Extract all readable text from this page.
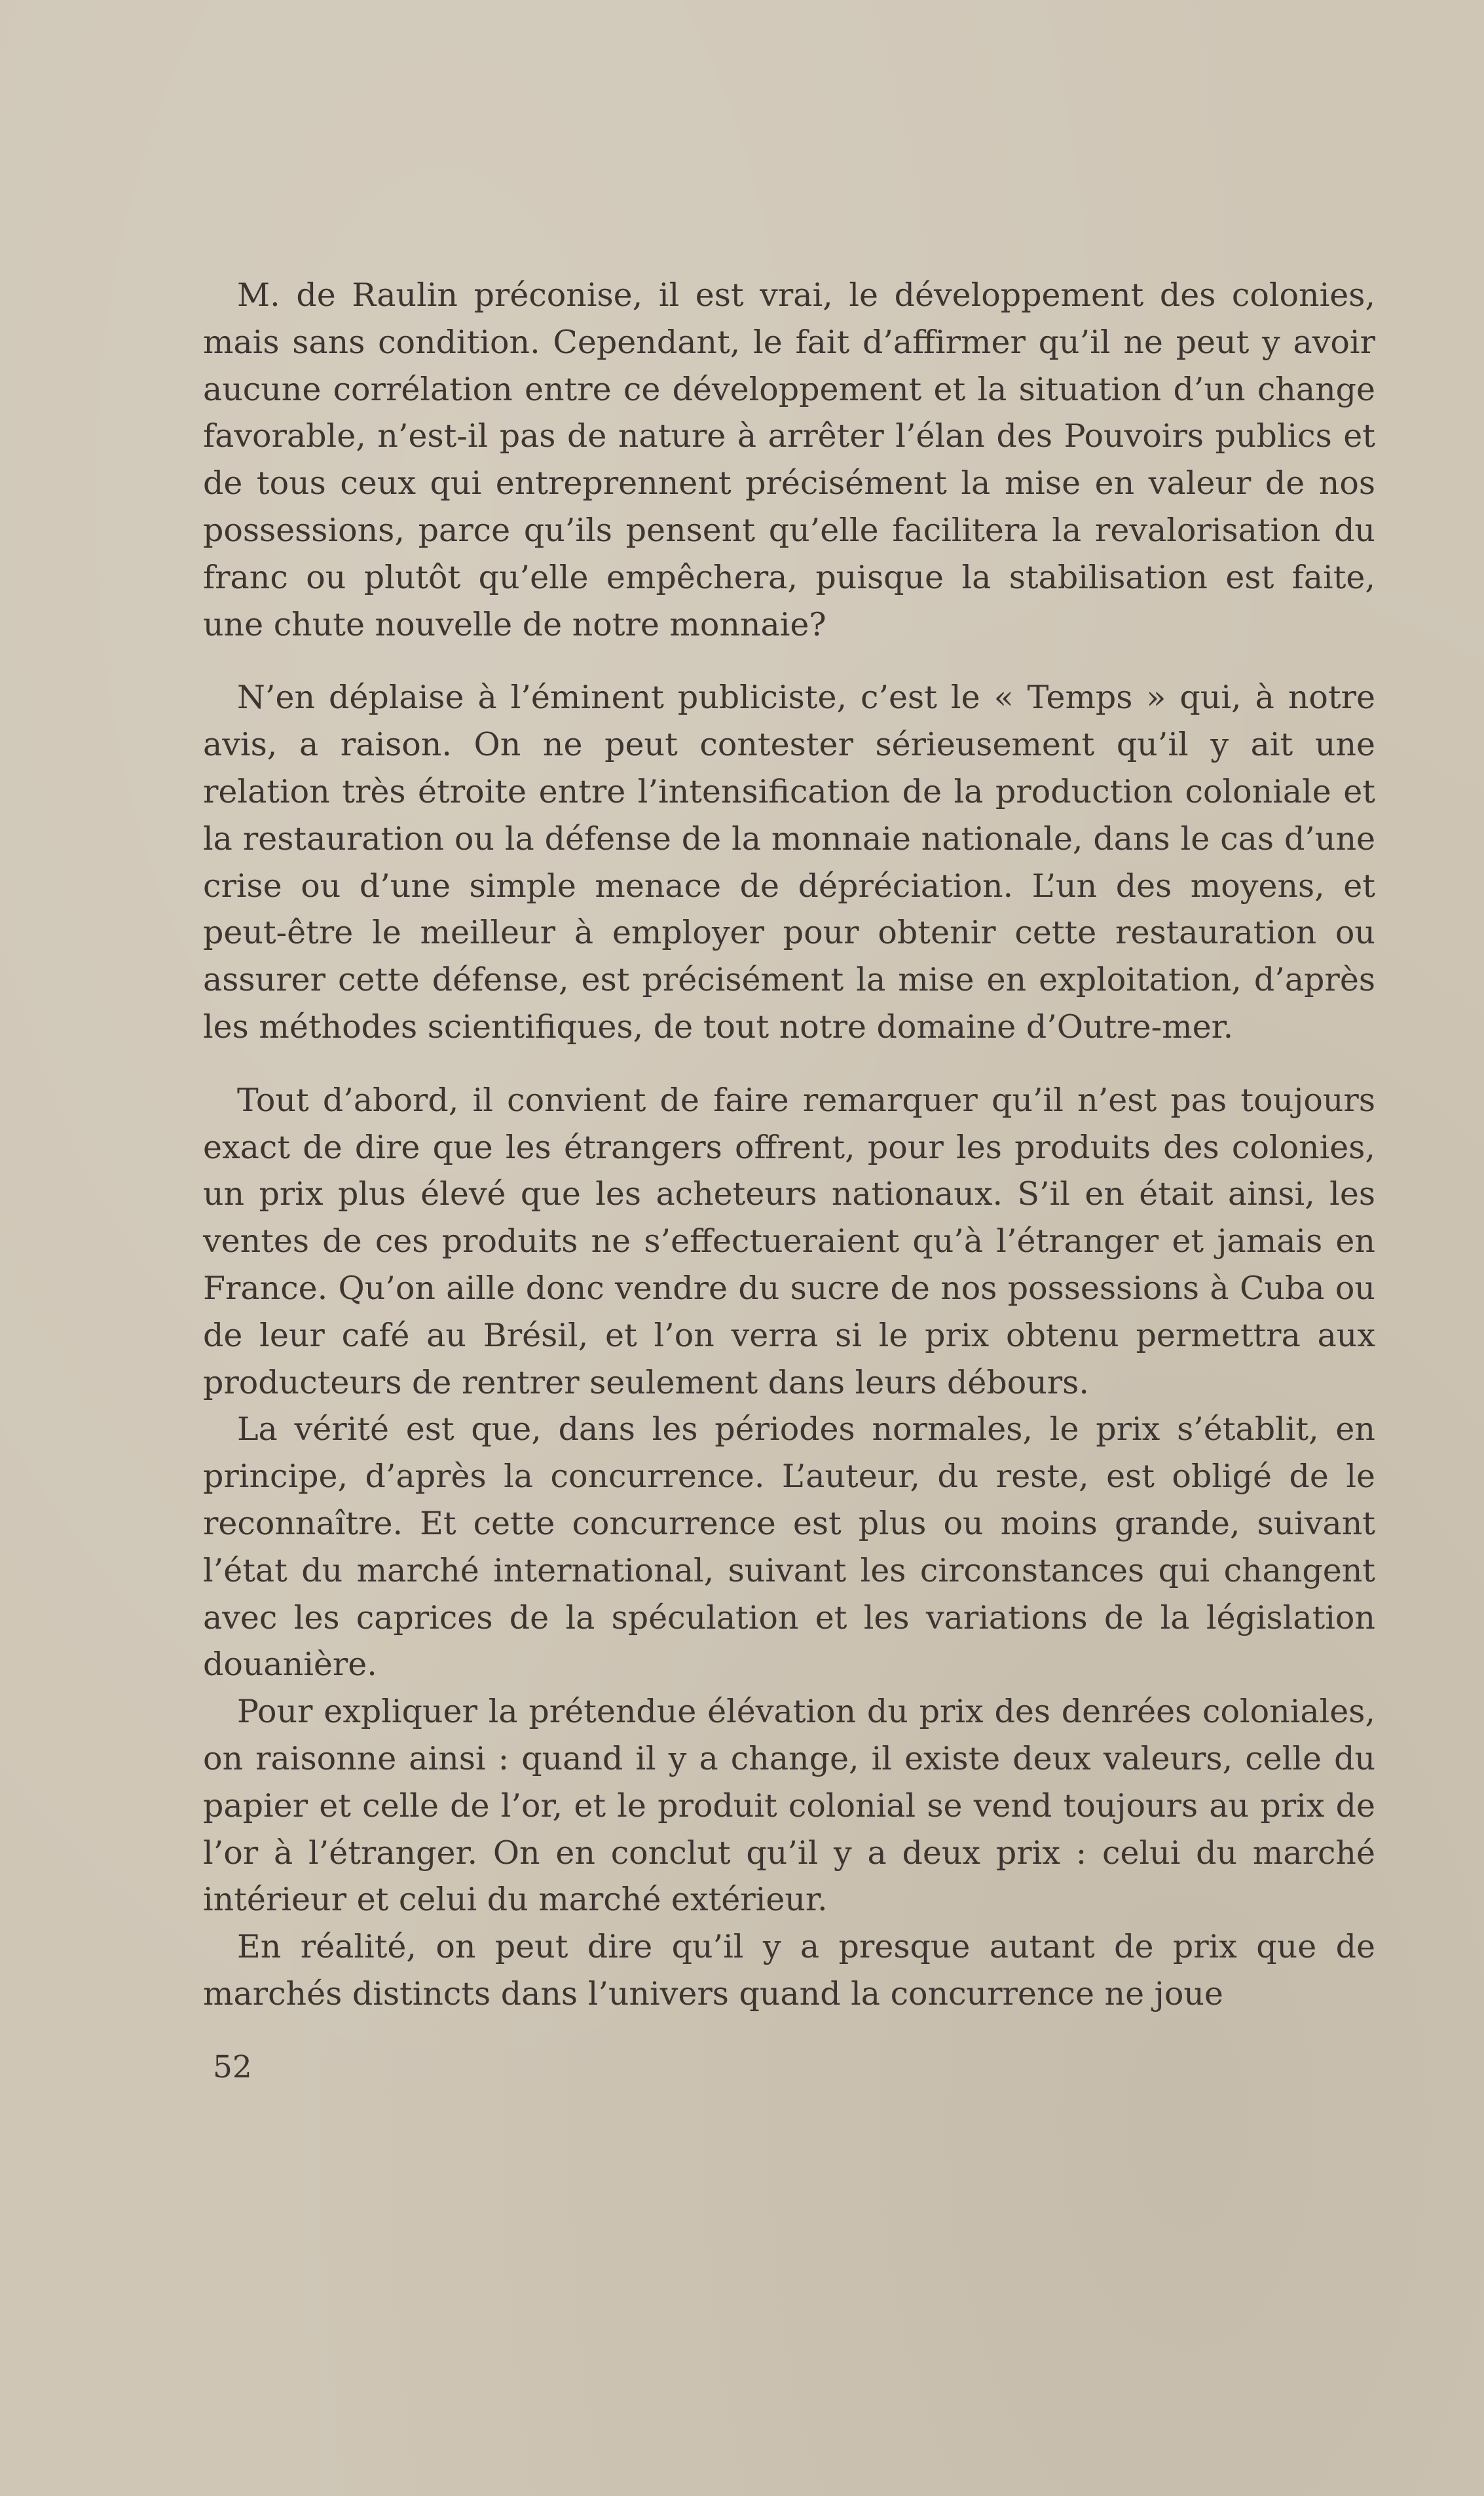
M. de Raulin préconise, il est vrai, le développement des colonies, mais sans condition. Cependant, le fait d’affirmer qu’il ne peut y avoir aucune corrélation entre ce développement et la situation d’un change favorable, n’est-il pas de nature à arrêter l’élan des Pouvoirs publics et de tous ceux qui entreprennent précisément la mise en valeur de nos possessions, parce qu’ils pensent qu’elle facilitera la revalorisation du franc ou plutôt qu’elle empêchera, puisque la stabilisation est faite, une chute nouvelle de notre monnaie?

N’en déplaise à l’éminent publiciste, c’est le « Temps » qui, à notre avis, a raison. On ne peut contester sérieusement qu’il y ait une relation très étroite entre l’intensification de la production coloniale et la restauration ou la défense de la monnaie nationale, dans le cas d’une crise ou d’une simple menace de dépréciation. L’un des moyens, et peut-être le meilleur à employer pour obtenir cette restauration ou assurer cette défense, est précisément la mise en exploitation, d’après les méthodes scientifiques, de tout notre domaine d’Outre-mer.

Tout d’abord, il convient de faire remarquer qu’il n’est pas toujours exact de dire que les étrangers offrent, pour les produits des colonies, un prix plus élevé que les acheteurs nationaux. S’il en était ainsi, les ventes de ces produits ne s’effectueraient qu’à l’étranger et jamais en France. Qu’on aille donc vendre du sucre de nos possessions à Cuba ou de leur café au Brésil, et l’on verra si le prix obtenu permettra aux producteurs de rentrer seulement dans leurs débours.

La vérité est que, dans les périodes normales, le prix s’établit, en principe, d’après la concurrence. L’auteur, du reste, est obligé de le reconnaître. Et cette concurrence est plus ou moins grande, suivant l’état du marché international, suivant les circonstances qui changent avec les caprices de la spéculation et les variations de la législation douanière.

Pour expliquer la prétendue élévation du prix des denrées coloniales, on raisonne ainsi : quand il y a change, il existe deux valeurs, celle du papier et celle de l’or, et le produit colonial se vend toujours au prix de l’or à l’étranger. On en conclut qu’il y a deux prix : celui du marché intérieur et celui du marché extérieur.

En réalité, on peut dire qu’il y a presque autant de prix que de marchés distincts dans l’univers quand la concurrence ne joue

52
